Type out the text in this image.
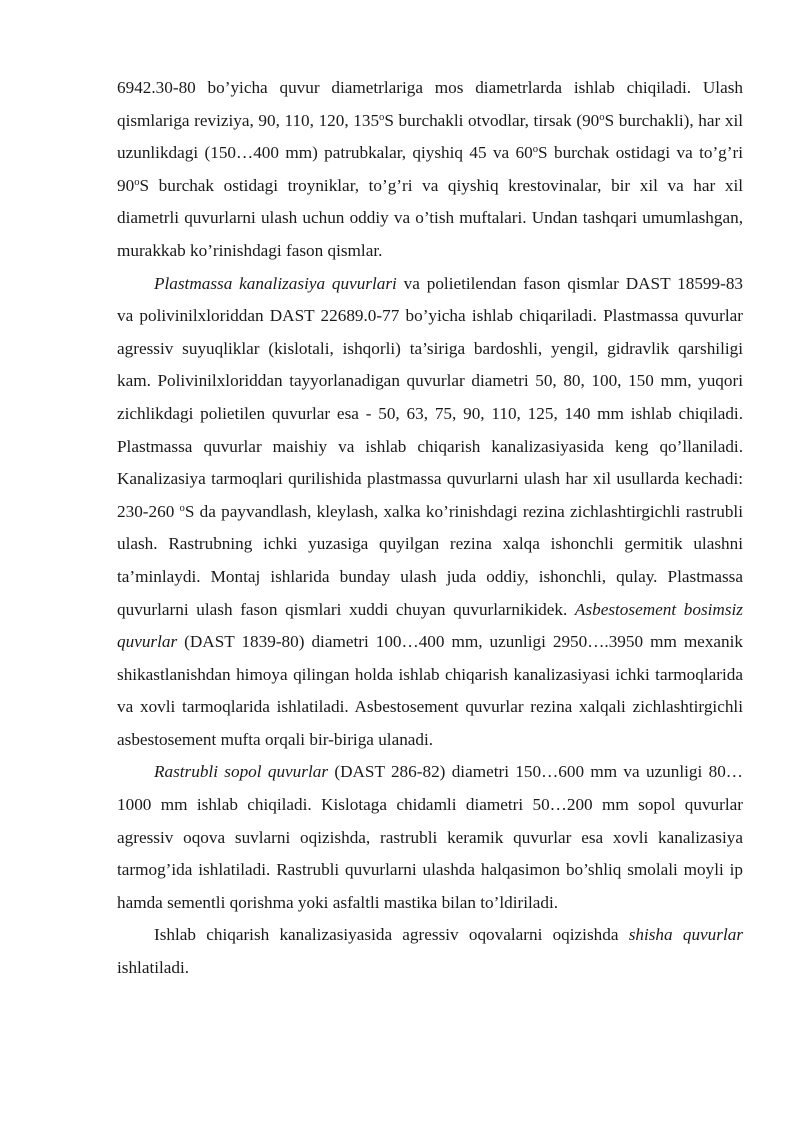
6942.30-80 bo’yicha quvur diametrlariga mos diametrlarda ishlab chiqiladi. Ulash qismlariga reviziya, 90, 110, 120, 135$^o$S burchakli otvodlar, tirsak (90$^o$S burchakli), har xil uzunlikdagi (150…400 mm) patrubkalar, qiyshiq 45 va 60$^o$S burchak ostidagi va to’g’ri 90$^o$S burchak ostidagi troyniklar, to’g’ri va qiyshiq krestovinalar, bir xil va har xil diametrli quvurlarni ulash uchun oddiy va o’tish muftalari. Undan tashqari umumlashgan, murakkab ko’rinishdagi fason qismlar.

Plastmassa kanalizasiya quvurlari va polietilendan fason qismlar DAST 18599-83 va polivinilxloriddan DAST 22689.0-77 bo’yicha ishlab chiqariladi. Plastmassa quvurlar agressiv suyuqliklar (kislotali, ishqorli) ta’siriga bardoshli, yengil, gidravlik qarshiligi kam. Polivinilxloriddan tayyorlanadigan quvurlar diametri 50, 80, 100, 150 mm, yuqori zichlikdagi polietilen quvurlar esa - 50, 63, 75, 90, 110, 125, 140 mm ishlab chiqiladi. Plastmassa quvurlar maishiy va ishlab chiqarish kanalizasiyasida keng qo’llaniladi. Kanalizasiya tarmoqlari qurilishida plastmassa quvurlarni ulash har xil usullarda kechadi: 230-260 $^o$S da payvandlash, kleylash, xalka ko’rinishdagi rezina zichlashtirgichli rastrubli ulash. Rastrubning ichki yuzasiga quyilgan rezina xalqa ishonchli germitik ulashni ta’minlaydi. Montaj ishlarida bunday ulash juda oddiy, ishonchli, qulay. Plastmassa quvurlarni ulash fason qismlari xuddi chuyan quvurlarnikidek. Asbestosement bosimsiz quvurlar (DAST 1839-80) diametri 100…400 mm, uzunligi 2950….3950 mm mexanik shikastlanishdan himoya qilingan holda ishlab chiqarish kanalizasiyasi ichki tarmoqlarida va xovli tarmoqlarida ishlatiladi. Asbestosement quvurlar rezina xalqali zichlashtirgichli asbestosement mufta orqali bir-biriga ulanadi.

Rastrubli sopol quvurlar (DAST 286-82) diametri 150…600 mm va uzunligi 80…1000 mm ishlab chiqiladi. Kislotaga chidamli diametri 50…200 mm sopol quvurlar agressiv oqova suvlarni oqizishda, rastrubli keramik quvurlar esa xovli kanalizasiya tarmog’ida ishlatiladi. Rastrubli quvurlarni ulashda halqasimon bo’shliq smolali moyli ip hamda sementli qorishma yoki asfaltli mastika bilan to’ldiriladi.

Ishlab chiqarish kanalizasiyasida agressiv oqovalarni oqizishda shisha quvurlar ishlatiladi.
